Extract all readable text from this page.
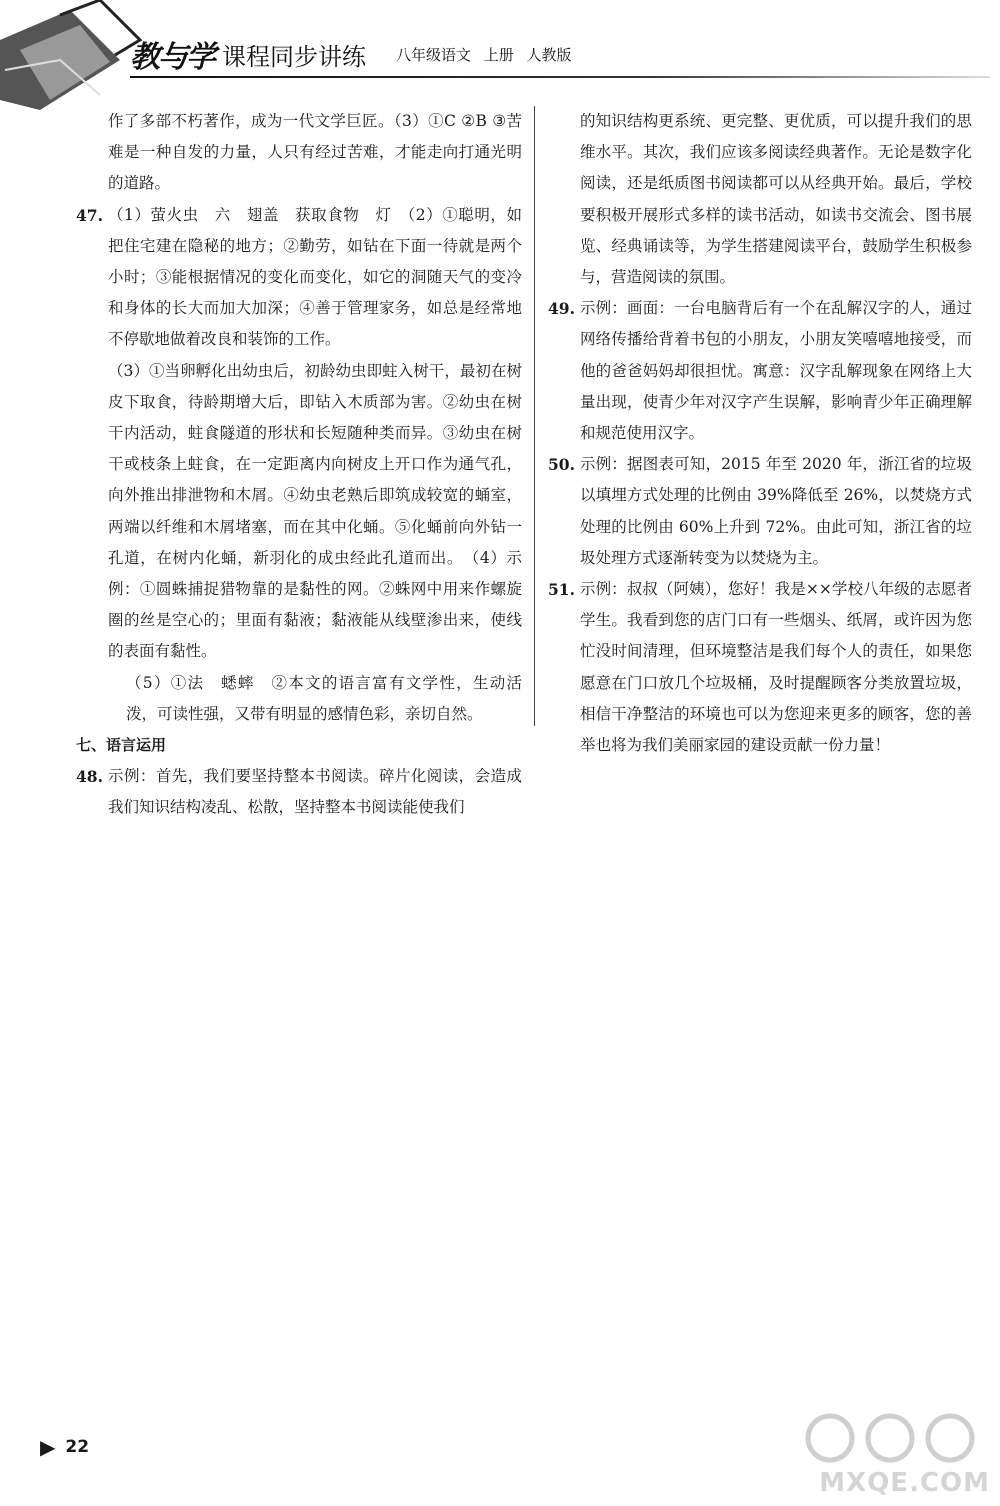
教与学 课程同步讲练 八年级语文 上册 人教版
作了多部不朽著作，成为一代文学巨匠。（3）①C ②B ③苦难是一种自发的力量，人只有经过苦难，才能走向打通光明的道路。
47. （1）萤火虫　六　翅盖　获取食物　灯　（2）①聪明，如把住宅建在隐秘的地方；②勤劳，如钻在下面一待就是两个小时；③能根据情况的变化而变化，如它的洞随天气的变冷和身体的长大而加大加深；④善于管理家务，如总是经常地不停歇地做着改良和装饰的工作。
（3）①当卵孵化出幼虫后，初龄幼虫即蛀入树干，最初在树皮下取食，待龄期增大后，即钻入木质部为害。②幼虫在树干内活动，蛀食隧道的形状和长短随种类而异。③幼虫在树干或枝条上蛀食，在一定距离内向树皮上开口作为通气孔，向外推出排泄物和木屑。④幼虫老熟后即筑成较宽的蛹室，两端以纤维和木屑堵塞，而在其中化蛹。⑤化蛹前向外钻一孔道，在树内化蛹，新羽化的成虫经此孔道而出。　（4）示例：①圆蛛捕捉猎物靠的是黏性的网。②蛛网中用来作螺旋圈的丝是空心的；里面有黏液；黏液能从线壁渗出来，使线的表面有黏性。
（5）①法　蟋蟀　②本文的语言富有文学性，生动活泼，可读性强，又带有明显的感情色彩，亲切自然。
七、语言运用
48. 示例：首先，我们要坚持整本书阅读。碎片化阅读，会造成我们知识结构凌乱、松散，坚持整本书阅读能使我们
的知识结构更系统、更完整、更优质，可以提升我们的思维水平。其次，我们应该多阅读经典著作。无论是数字化阅读，还是纸质图书阅读都可以从经典开始。最后，学校要积极开展形式多样的读书活动，如读书交流会、图书展览、经典诵读等，为学生搭建阅读平台，鼓励学生积极参与，营造阅读的氛围。
49. 示例：画面：一台电脑背后有一个在乱解汉字的人，通过网络传播给背着书包的小朋友，小朋友笑嘻嘻地接受，而他的爸爸妈妈却很担忧。寓意：汉字乱解现象在网络上大量出现，使青少年对汉字产生误解，影响青少年正确理解和规范使用汉字。
50. 示例：据图表可知，2015 年至 2020 年，浙江省的垃圾以填埋方式处理的比例由 39%降低至 26%，以焚烧方式处理的比例由 60%上升到 72%。由此可知，浙江省的垃圾处理方式逐渐转变为以焚烧为主。
51. 示例：叔叔（阿姨），您好！我是××学校八年级的志愿者学生。我看到您的店门口有一些烟头、纸屑，或许因为您忙没时间清理，但环境整洁是我们每个人的责任，如果您愿意在门口放几个垃圾桶，及时提醒顾客分类放置垃圾，相信干净整洁的环境也可以为您迎来更多的顾客，您的善举也将为我们美丽家园的建设贡献一份力量！
▶ 22
MXQE.COM
